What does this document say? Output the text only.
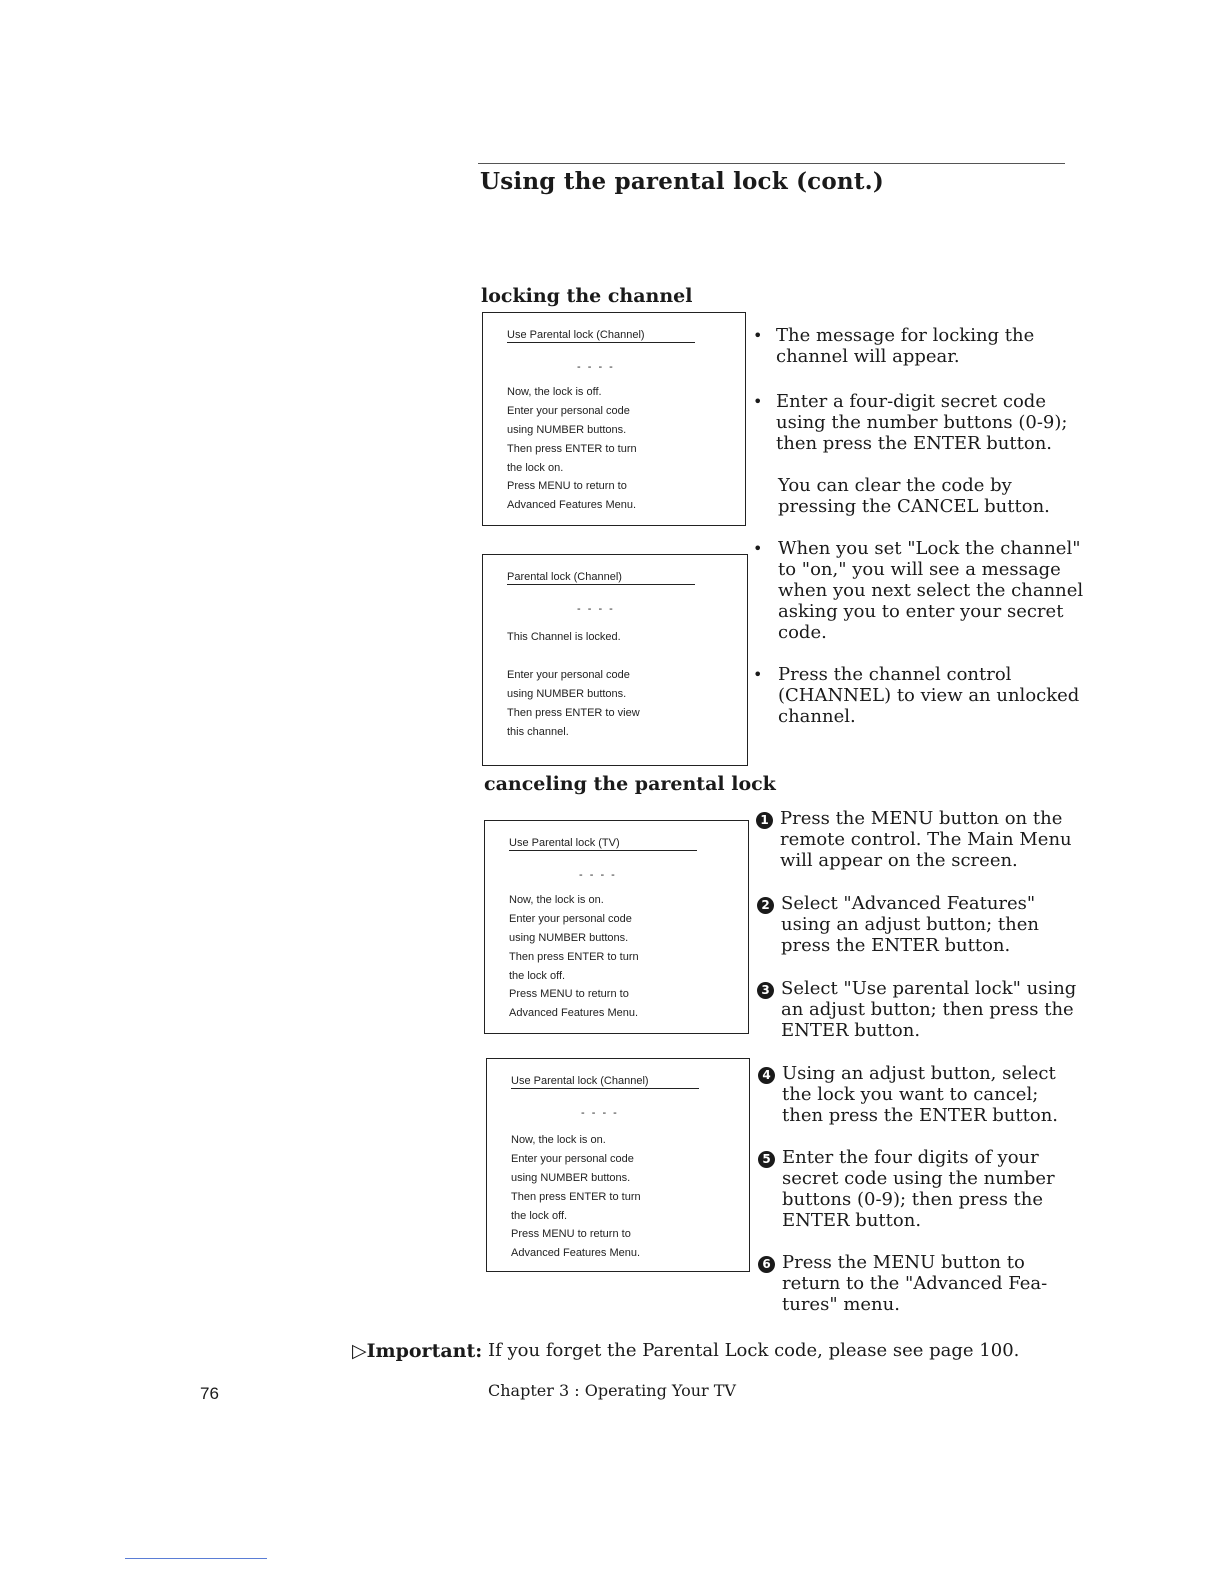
Using the parental lock (cont.)
locking the channel
Use Parental lock (Channel)
- - - -
Now, the lock is off.
Enter your personal code
using NUMBER buttons.
Then press ENTER to turn
the lock on.
Press MENU to return to
Advanced Features Menu.
Parental lock (Channel)
- - - -
This Channel is locked.
Enter your personal code
using NUMBER buttons.
Then press ENTER to view
this channel.
• The message for locking the
channel will appear.
• Enter a four-digit secret code
using the number buttons (0-9);
then press the ENTER button.
You can clear the code by
pressing the CANCEL button.
• When you set "Lock the channel"
to "on," you will see a message
when you next select the channel
asking you to enter your secret
code.
• Press the channel control
(CHANNEL) to view an unlocked
channel.
canceling the parental lock
Use Parental lock (TV)
- - - -
Now, the lock is on.
Enter your personal code
using NUMBER buttons.
Then press ENTER to turn
the lock off.
Press MENU to return to
Advanced Features Menu.
Use Parental lock (Channel)
- - - -
Now, the lock is on.
Enter your personal code
using NUMBER buttons.
Then press ENTER to turn
the lock off.
Press MENU to return to
Advanced Features Menu.
1 Press the MENU button on the
remote control. The Main Menu
will appear on the screen.
2 Select "Advanced Features"
using an adjust button; then
press the ENTER button.
3 Select "Use parental lock" using
an adjust button; then press the
ENTER button.
4 Using an adjust button, select
the lock you want to cancel;
then press the ENTER button.
5 Enter the four digits of your
secret code using the number
buttons (0-9); then press the
ENTER button.
6 Press the MENU button to
return to the "Advanced Fea-
tures" menu.
▷Important: If you forget the Parental Lock code, please see page 100.
76	Chapter 3 : Operating Your TV
